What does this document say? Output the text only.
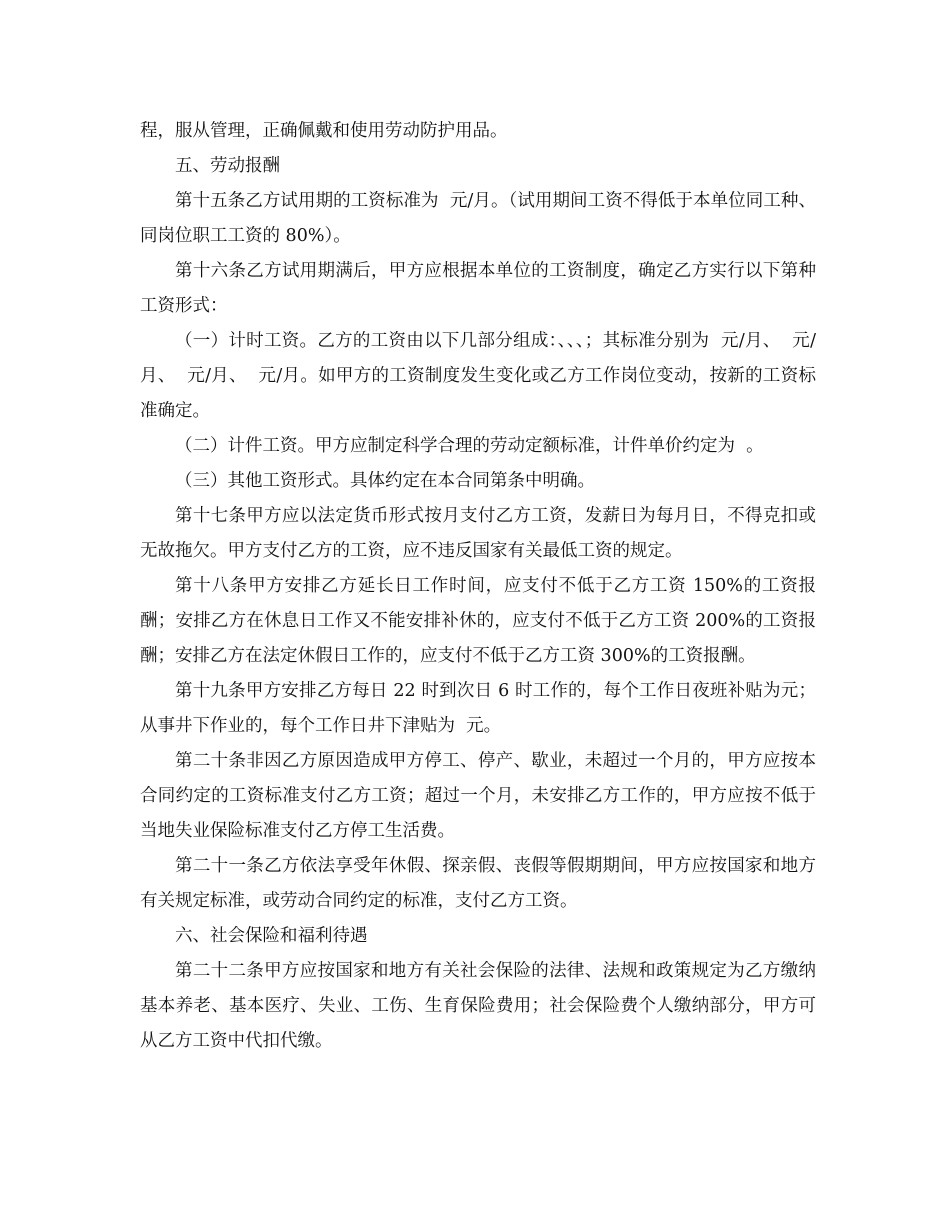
程，服从管理，正确佩戴和使用劳动防护用品。

五、劳动报酬

第十五条乙方试用期的工资标准为  元/月。（试用期间工资不得低于本单位同工种、同岗位职工工资的 80%）。

第十六条乙方试用期满后，甲方应根据本单位的工资制度，确定乙方实行以下第种工资形式：

（一）计时工资。乙方的工资由以下几部分组成：、、、；其标准分别为  元/月、  元/月、  元/月、  元/月。如甲方的工资制度发生变化或乙方工作岗位变动，按新的工资标准确定。

（二）计件工资。甲方应制定科学合理的劳动定额标准，计件单价约定为  。

（三）其他工资形式。具体约定在本合同第条中明确。

第十七条甲方应以法定货币形式按月支付乙方工资，发薪日为每月日，不得克扣或无故拖欠。甲方支付乙方的工资，应不违反国家有关最低工资的规定。

第十八条甲方安排乙方延长日工作时间，应支付不低于乙方工资 150%的工资报酬；安排乙方在休息日工作又不能安排补休的，应支付不低于乙方工资 200%的工资报酬；安排乙方在法定休假日工作的，应支付不低于乙方工资 300%的工资报酬。

第十九条甲方安排乙方每日 22 时到次日 6 时工作的，每个工作日夜班补贴为元；从事井下作业的，每个工作日井下津贴为  元。

第二十条非因乙方原因造成甲方停工、停产、歇业，未超过一个月的，甲方应按本合同约定的工资标准支付乙方工资；超过一个月，未安排乙方工作的，甲方应按不低于当地失业保险标准支付乙方停工生活费。

第二十一条乙方依法享受年休假、探亲假、丧假等假期期间，甲方应按国家和地方有关规定标准，或劳动合同约定的标准，支付乙方工资。

六、社会保险和福利待遇

第二十二条甲方应按国家和地方有关社会保险的法律、法规和政策规定为乙方缴纳基本养老、基本医疗、失业、工伤、生育保险费用；社会保险费个人缴纳部分，甲方可从乙方工资中代扣代缴。
